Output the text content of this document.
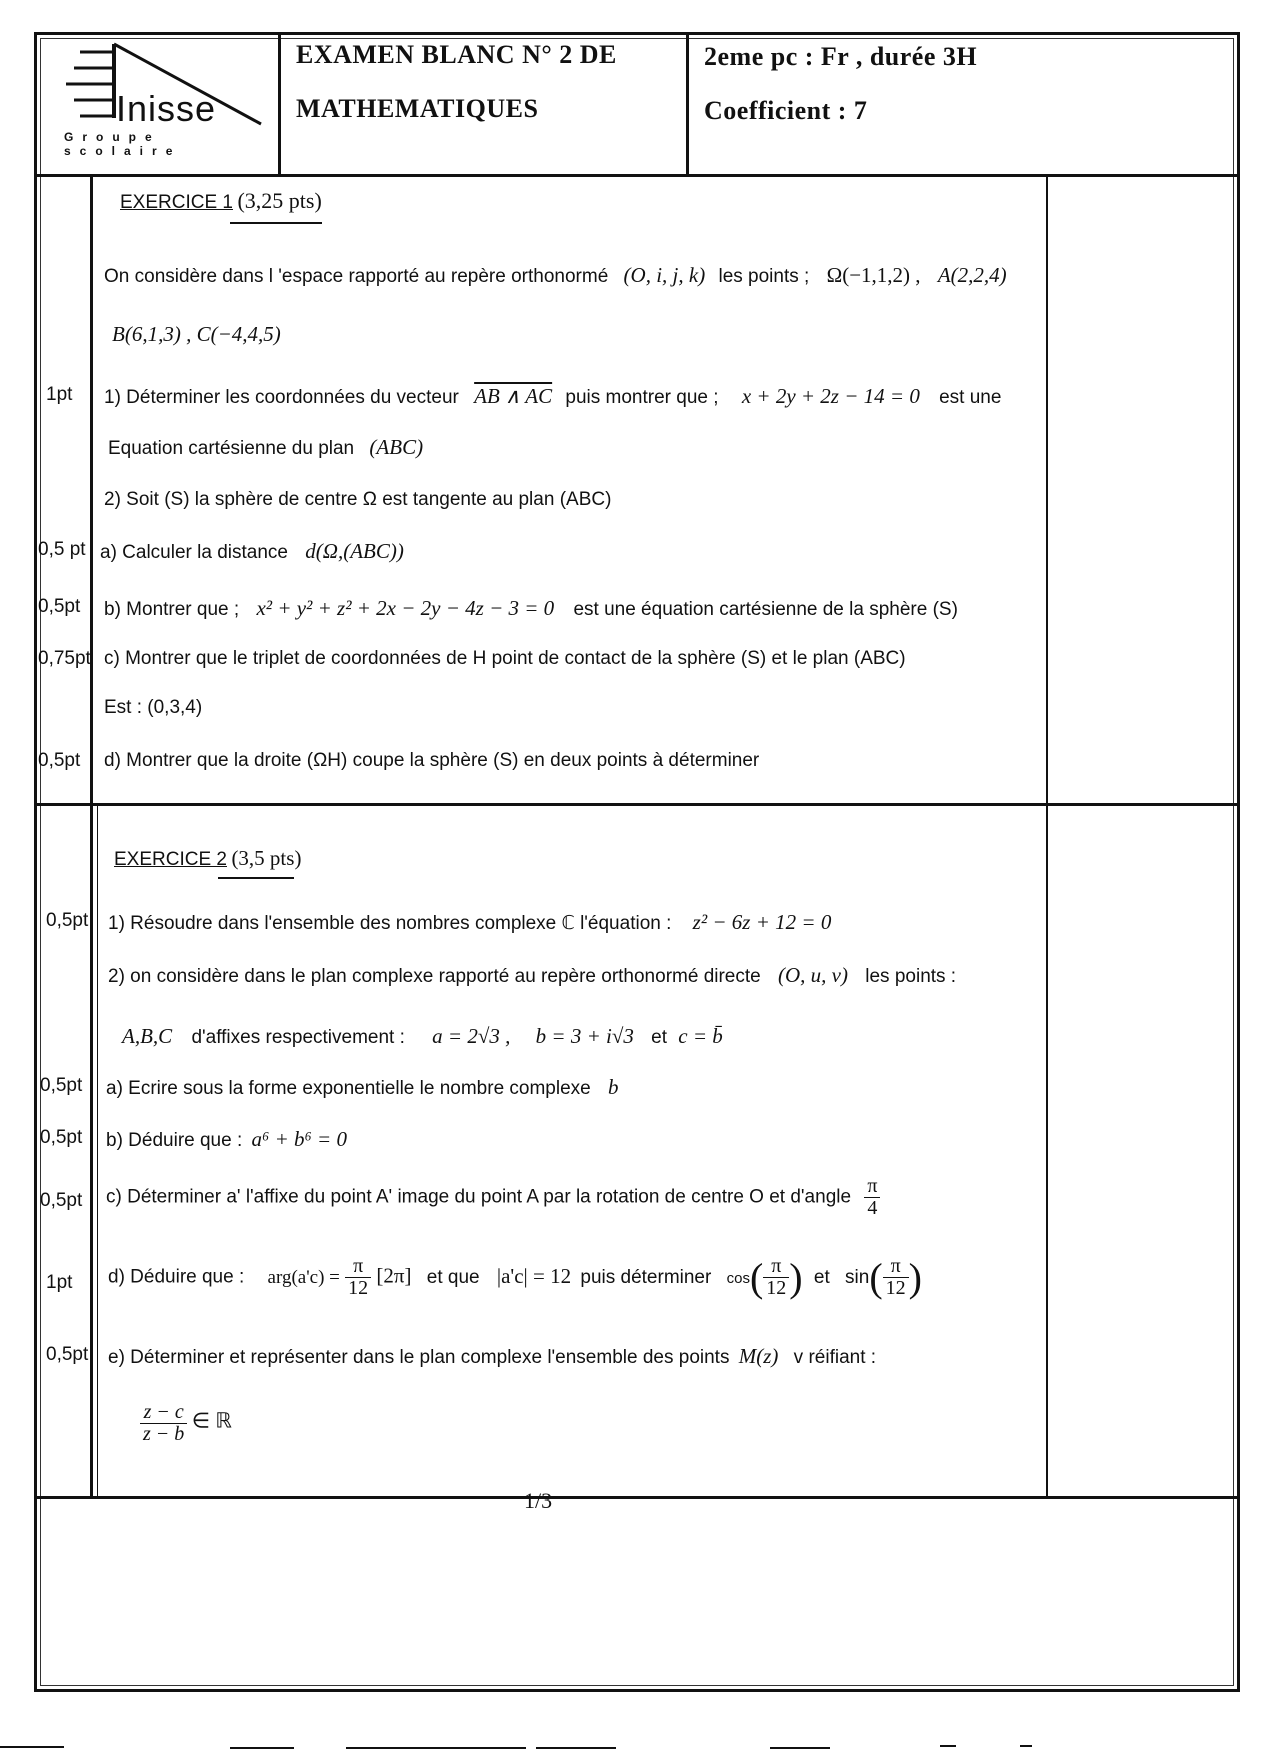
Inisse
Groupe scolaire
EXAMEN BLANC N° 2 DE
MATHEMATIQUES
2eme pc : Fr , durée 3H
Coefficient : 7
EXERCICE 1 (3,25 pts)
On considère dans l 'espace rapporté au repère orthonormé (O, i, j, k) les points ; Ω(−1,1,2) , A(2,2,4)
B(6,1,3) , C(−4,4,5)
1pt 1) Déterminer les coordonnées du vecteur AB ∧ AC puis montrer que ; x + 2y + 2z − 14 = 0 est une
Equation cartésienne du plan (ABC)
2) Soit (S) la sphère de centre Ω est tangente au plan (ABC)
0,5 pt a) Calculer la distance d(Ω,(ABC))
0,5pt b) Montrer que ; x² + y² + z² + 2x − 2y − 4z − 3 = 0 est une équation cartésienne de la sphère (S)
0,75pt c) Montrer que le triplet de coordonnées de H point de contact de la sphère (S) et le plan (ABC)
Est : (0,3,4)
0,5pt d) Montrer que la droite (ΩH) coupe la sphère (S) en deux points à déterminer
EXERCICE 2 (3,5 pts)
0,5pt 1) Résoudre dans l'ensemble des nombres complexe ℂ l'équation : z² − 6z + 12 = 0
2) on considère dans le plan complexe rapporté au repère orthonormé directe (O, u, v) les points :
A,B,C d'affixes respectivement : a = 2√3 , b = 3 + i√3 et c = b̄
0,5pt a) Ecrire sous la forme exponentielle le nombre complexe b
0,5pt b) Déduire que : a⁶ + b⁶ = 0
0,5pt c) Déterminer a' l'affixe du point A' image du point A par la rotation de centre O et d'angle $\frac{\pi}{4}$
1pt d) Déduire que : $arg(a'c) = \frac{\pi}{12} [2\pi]$ et que |a'c| = 12 puis déterminer $\cos( \frac{\pi}{12}$ ) et $\sin( \frac{\pi}{12}$ )
0,5pt e) Déterminer et représenter dans le plan complexe l'ensemble des points M(z) v réifiant :
$\frac{z - c}{z - b}$ ∈ ℝ
1/3
